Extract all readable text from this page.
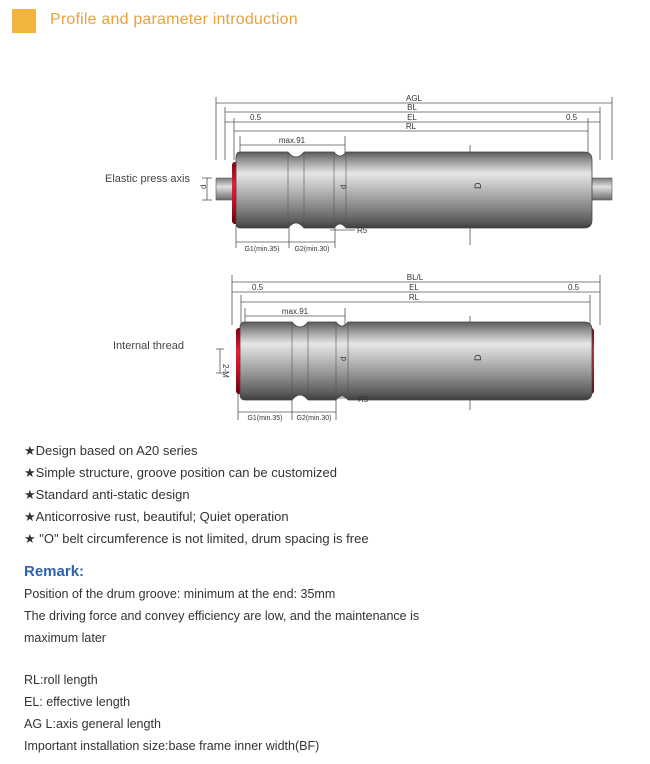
Profile and parameter introduction
Elastic press axis
AGL
BL
EL
RL
0.5	0.5
max.91
R5
G1(min.35) G2(min.30)
d	D
d
Internal thread
BL/L
EL
RL
0.5	0.5
max.91
R5
G1(min.35) G2(min.30)
2-M
D
d
★Design based on A20 series
★Simple structure, groove position can be customized
★Standard anti-static design
★Anticorrosive rust, beautiful; Quiet operation
★ "O" belt circumference is not limited, drum spacing is free
Remark:
Position of the drum groove: minimum at the end: 35mm
The driving force and convey efficiency are low, and the maintenance is
maximum later
RL:roll length
EL: effective length
AG L:axis general length
Important installation size:base frame inner width(BF)
